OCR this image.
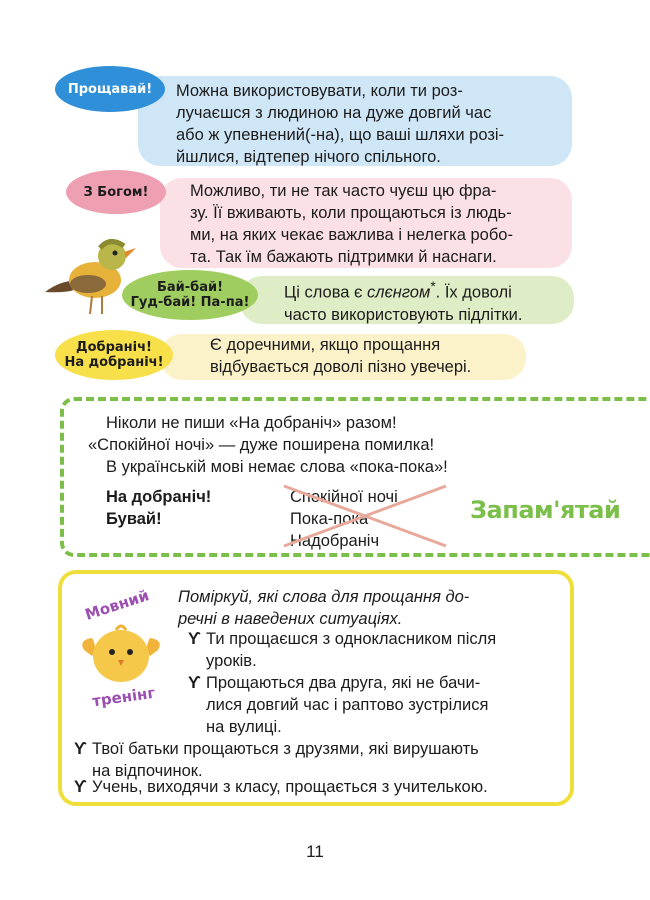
Можна використовувати, коли ти роз-

лучаєшся з людиною на дуже довгий час

або ж упевнений(-на), що ваші шляхи розі-

йшлися, відтепер нічого спільного.

Прощавай!

Можливо, ти не так часто чуєш цю фра-

зу. Її вживають, коли прощаються із людь-

ми, на яких чекає важлива і нелегка робо-

та. Так їм бажають підтримки й наснаги.

З Богом!

Ці слова є слєнгом*. Їх доволі

часто використовують підлітки.

Бай-бай!
Гуд-бай! Па-па!

Є доречними, якщо прощання

відбувається доволі пізно увечері.

Добраніч!
На добраніч!
Ніколи не пиши «На добраніч» разом!
«Спокійної ночі» — дуже поширена помилка!
В українській мові немає слова «пока-пока»!
На добраніч!
Бувай!
Спокійної ночі
Пока-пока
Надобраніч
Запам'ятай
Мовний
тренінг
Поміркуй, які слова для прощання до-
речні в наведених ситуаціях.
ϒ Ти прощаєшся з однокласником після
уроків.
ϒ Прощаються два друга, які не бачи-
лися довгий час і раптово зустрілися
на вулиці.
ϒ Твої батьки прощаються з друзями, які вирушають
на відпочинок.
ϒ Учень, виходячи з класу, прощається з учителькою.
11
